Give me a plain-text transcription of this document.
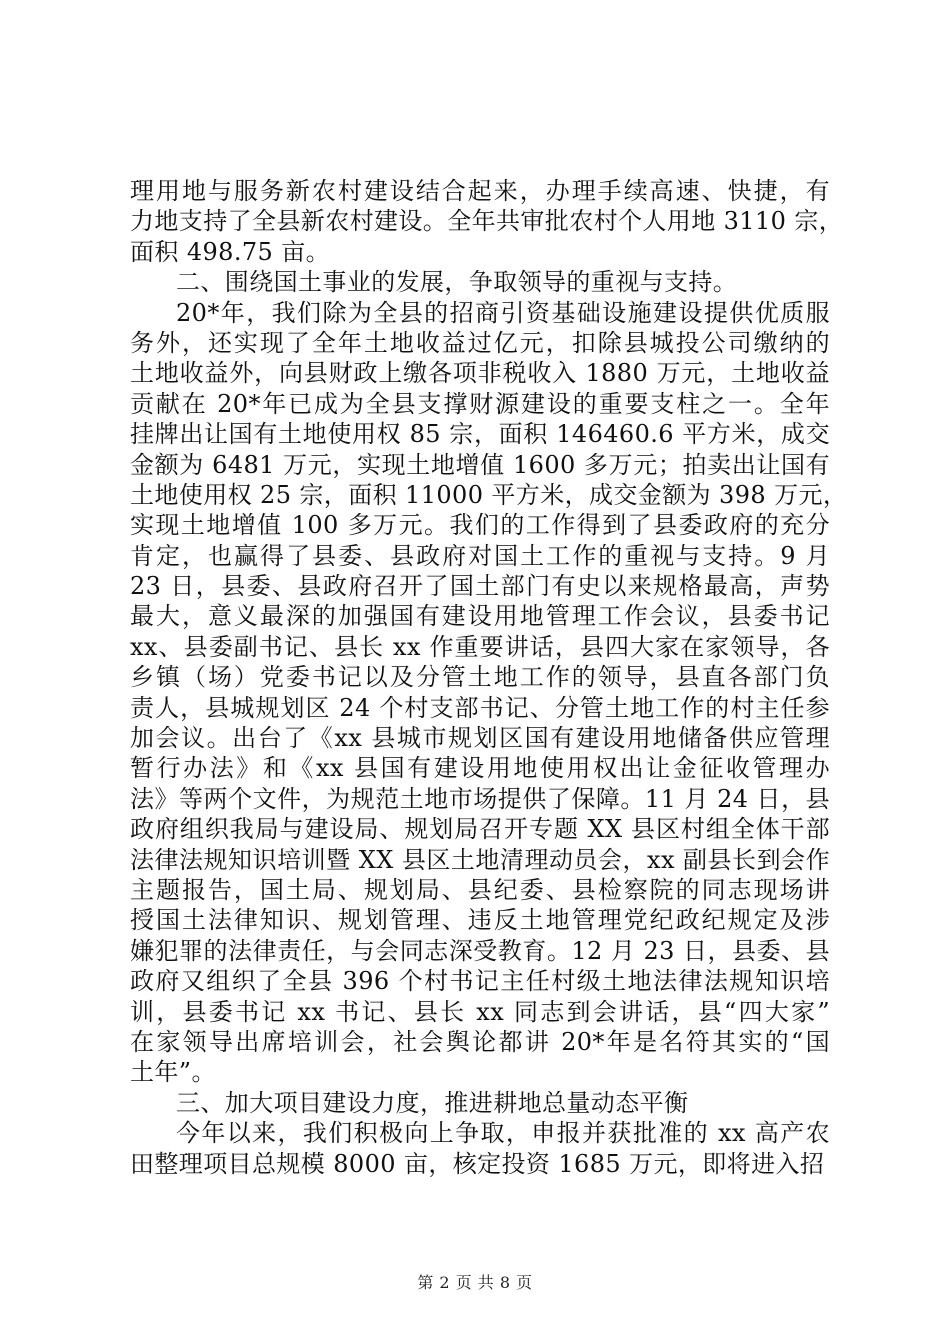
理用地与服务新农村建设结合起来，办理手续高速、快捷，有
力地支持了全县新农村建设。全年共审批农村个人用地 3110 宗，
面积 498.75 亩。
二、围绕国土事业的发展，争取领导的重视与支持。
20*年，我们除为全县的招商引资基础设施建设提供优质服
务外，还实现了全年土地收益过亿元，扣除县城投公司缴纳的
土地收益外，向县财政上缴各项非税收入 1880 万元，土地收益
贡献在 20*年已成为全县支撑财源建设的重要支柱之一。全年
挂牌出让国有土地使用权 85 宗，面积 146460.6 平方米，成交
金额为 6481 万元，实现土地增值 1600 多万元；拍卖出让国有
土地使用权 25 宗，面积 11000 平方米，成交金额为 398 万元，
实现土地增值 100 多万元。我们的工作得到了县委政府的充分
肯定，也赢得了县委、县政府对国土工作的重视与支持。9 月
23 日，县委、县政府召开了国土部门有史以来规格最高，声势
最大，意义最深的加强国有建设用地管理工作会议，县委书记
xx、县委副书记、县长 xx 作重要讲话，县四大家在家领导，各
乡镇（场）党委书记以及分管土地工作的领导，县直各部门负
责人，县城规划区 24 个村支部书记、分管土地工作的村主任参
加会议。出台了《xx 县城市规划区国有建设用地储备供应管理
暂行办法》和《xx 县国有建设用地使用权出让金征收管理办
法》等两个文件，为规范土地市场提供了保障。11 月 24 日，县
政府组织我局与建设局、规划局召开专题 XX 县区村组全体干部
法律法规知识培训暨 XX 县区土地清理动员会，xx 副县长到会作
主题报告，国土局、规划局、县纪委、县检察院的同志现场讲
授国土法律知识、规划管理、违反土地管理党纪政纪规定及涉
嫌犯罪的法律责任，与会同志深受教育。12 月 23 日，县委、县
政府又组织了全县 396 个村书记主任村级土地法律法规知识培
训，县委书记 xx 书记、县长 xx 同志到会讲话，县“四大家”
在家领导出席培训会，社会舆论都讲 20*年是名符其实的“国
土年”。
三、加大项目建设力度，推进耕地总量动态平衡
今年以来，我们积极向上争取，申报并获批准的 xx 高产农
田整理项目总规模 8000 亩，核定投资 1685 万元，即将进入招
第 2 页 共 8 页
